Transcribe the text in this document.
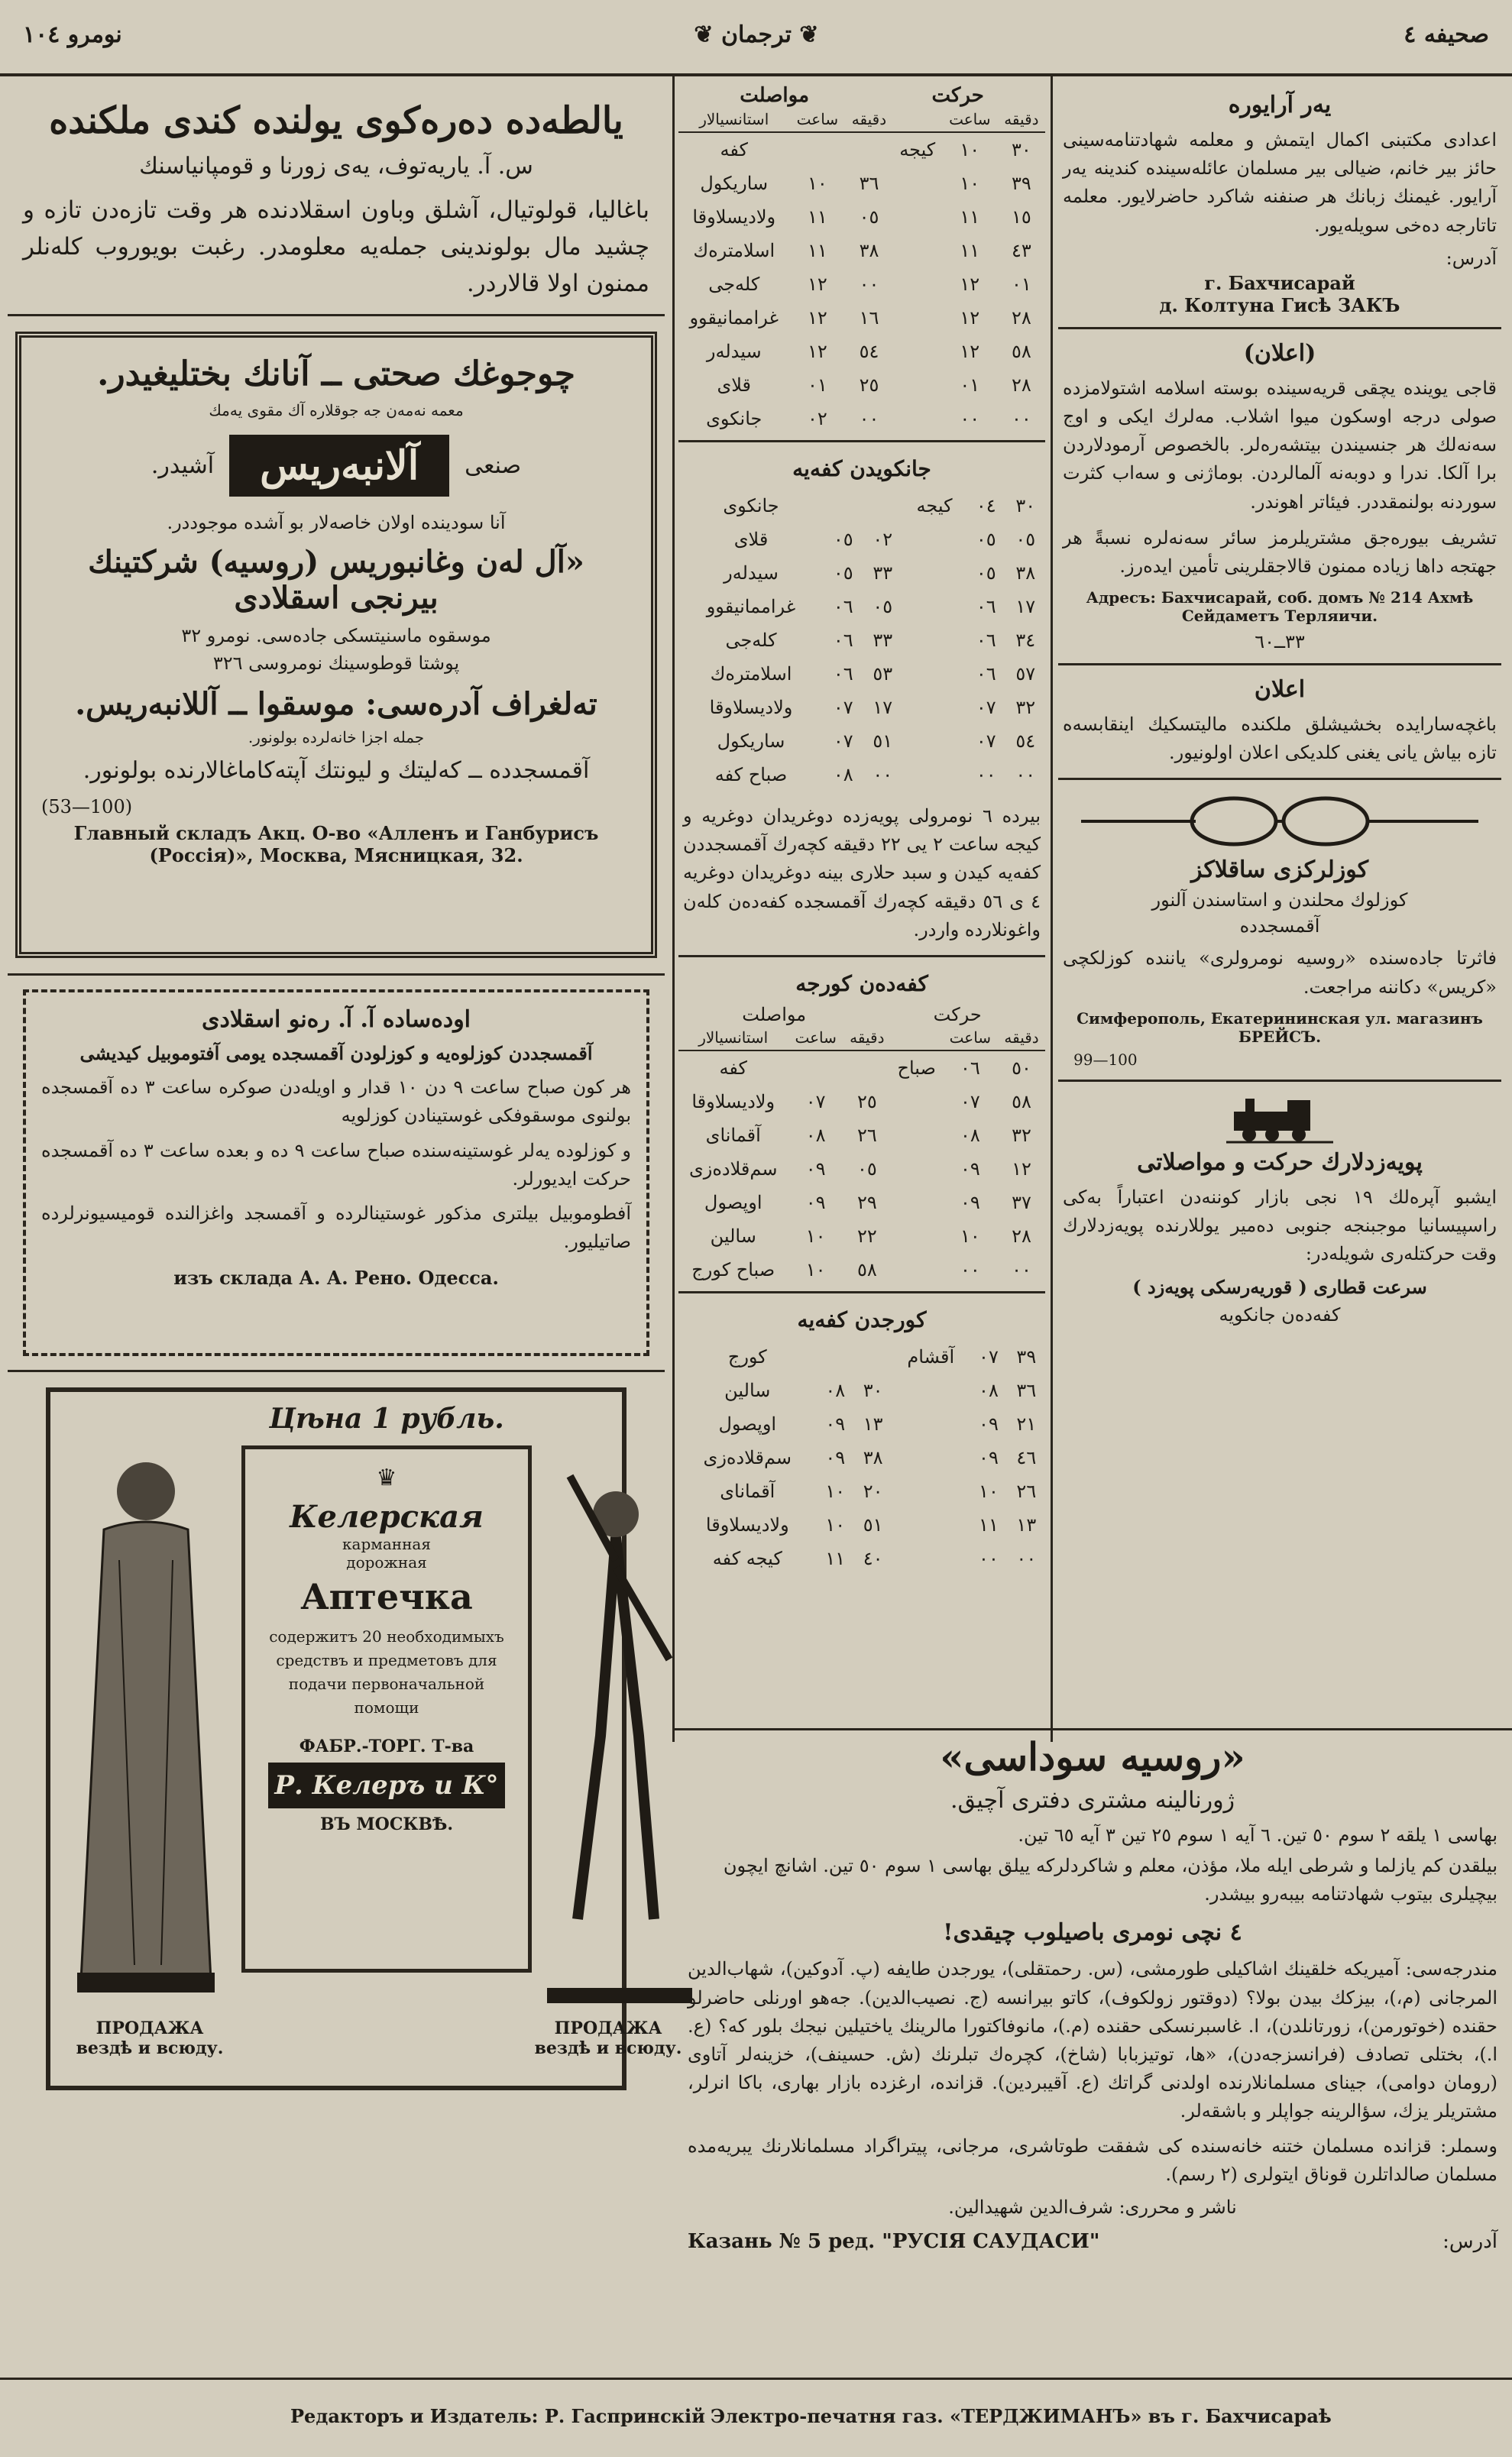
نومرو ١٠٤	❦ ترجمان ❦	صحيفه ٤
يەر آرايورە
اعدادى مكتبنى اكمال ايتمش و معلمه شهادتنامەسينى حائز بير خانم، ضيالى بير مسلمان عائلەسينده كندينه يەر آرايور. غيمنك زبانك هر صنفنە شاكرد حاضرلايور. معلمه تاتارجه دەخى سويلەيور.
آدرس:
г. Бахчисарай
д. Колтуна Гисѣ ЗАКЪ
(اعلان)
قاجى يوينده يچقى قريەسينده بوستە اسلامە اشتولامزده صولى درجه اوسكون ميوا اشلاب. مەلرك ايكى و اوج سەنەلك هر جنسيندن بيتشەرەلر. بالخصوص آرمودلاردن برا آلكا. ندرا و دوبەنە آلمالردن. بوماژنى و سەاب كثرت سوردنه بولنمقددر. فيئاتر اهوندر.
تشريف بيورەجق مشتريلرمز سائر سەنەلره نسبةً هر جهتجه داها زياده ممنون قالاجقلرينى تأمين ايدەرز.
Адресъ: Бахчисарай, соб. домъ № 214 Ахмѣ Сейдаметъ Терляичи.
٣٣ــ٦٠
اعلان
باغچەسارايده بخشيشلق ملكنده ماليتسكيك اينقابسەه تازه بياش يانى يغنى كلديكى اعلان اولونيور.
كوزلركزى ساقلاكز
كوزلوك محلندن و استاسندن آلنور
آقمسجدده
فاثرتا جادەسنده «روسيه نومرولرى» يانندە كوزلكچى «كريس» دكاننه مراجعت.
Симферополь, Екатерининская ул. магазинъ БРЕЙСЪ.
99—100
پويەزدلارك حركت و مواصلاتى
ايشبو آپرەلك ١٩ نجى بازار كوننەدن اعتباراً بەكى راسپيسانيا موجبنجه جنوبى دەمير يوللارنده پويەزدلارك وقت حركتلەرى شويلەدر:
سرعت قطارى ( قوريەرسكى پويەزد )
كفەدەن جانكويه
حركت
مواصلت
دقيقه	ساعت		دقيقه	ساعت	استانسيالار
٣٠	١٠	كيجه			كفه
٣٩	١٠		٣٦	١٠	ساريكول
١٥	١١		٠٥	١١	ولاديسلاوقا
٤٣	١١		٣٨	١١	اسلامترەك
٠١	١٢		٠٠	١٢	كلەجى
٢٨	١٢		١٦	١٢	غراممانيقوو
٥٨	١٢		٥٤	١٢	سيدلەر
٢٨	٠١		٢٥	٠١	قلاى
٠٠	٠٠		٠٠	٠٢	جانكوى
جانكويدن كفەيە
٣٠	٠٤	كيجه			جانكوى
٠٥	٠٥		٠٢	٠٥	قلاى
٣٨	٠٥		٣٣	٠٥	سيدلەر
١٧	٠٦		٠٥	٠٦	غراممانيقوو
٣٤	٠٦		٣٣	٠٦	كلەجى
٥٧	٠٦		٥٣	٠٦	اسلامترەك
٣٢	٠٧		١٧	٠٧	ولاديسلاوقا
٥٤	٠٧		٥١	٠٧	ساريكول
٠٠	٠٠		٠٠	٠٨	صباح كفه
بيرده ٦ نومرولى پويەزده دوغريدان دوغريه و كيجه ساعت ٢ يى ٢٢ دقيقه كچەرك آقمسجددن كفەيه كيدن و سبد حلارى بينه دوغريدان دوغريه ٤ ى ٥٦ دقيقه كچەرك آقمسجده كفەدەن كلەن واغونلارده واردر.
كفەدەن كورجه
حركت
مواصلت
دقيقه	ساعت		دقيقه	ساعت	استانسيالار
٥٠	٠٦	صباح			كفه
٥٨	٠٧		٢٥	٠٧	ولاديسلاوقا
٣٢	٠٨		٢٦	٠٨	آقماناى
١٢	٠٩		٠٥	٠٩	سم‌قلادەزى
٣٧	٠٩		٢٩	٠٩	اوپصول
٢٨	١٠		٢٢	١٠	سالين
٠٠	٠٠		٥٨	١٠	صباح كورج
كورجدن كفەيه
٣٩	٠٧	آقشام			كورج
٣٦	٠٨		٣٠	٠٨	سالين
٢١	٠٩		١٣	٠٩	اوپصول
٤٦	٠٩		٣٨	٠٩	سم‌قلادەزى
٢٦	١٠		٢٠	١٠	آقماناى
١٣	١١		٥١	١٠	ولاديسلاوقا
٠٠	٠٠		٤٠	١١	كيجه كفه
يالطەده دەرەكوى يولنده كندى ملكنده
س. آ. ياريەتوف، يەى زورنا و قومپانياسنك
باغاليا، قولوتيال، آشلق وباون اسقلادنده هر وقت تازەدن تازه و چشيد مال بولوندينى جملەيه معلومدر. رغبت بويوروب كلەنلر ممنون اولا قالاردر.
چوجوغك صحتى ــ آنانك بختليغيدر.
معمه نەمەن جه جوقلارە آك مقوى يەمك
صنعى
آلانبەريس
آشيدر.
آنا سوديندە اولان خاصەلار بو آشده موجوددر.
«آل لەن وغانبوريس (روسيه) شركتينك بيرنجى اسقلادى
موسقوە ماسنيتسكى جادەسى. نومرو ٣٢
پوشتا قوطوسينك نومروسى ٣٢٦
تەلغراف آدرەسى: موسقوا ــ آللانبەريس.
جمله اجزا خانەلرده بولونور.
آقمسجدده ــ كەليتك و ليونتك آپتەكاماغالارنده بولونور.
(53—100)
Главный складъ Акц. О-во «Алленъ и Ганбурисъ (Россія)», Москва, Мясницкая, 32.
اودەساده آ. آ. رەنو اسقلادى
آقمسجددن كوزلوەيه و كوزلودن آقمسجده يومى آفتوموبيل كيديشى
هر كون صباح ساعت ٩ دن ١٠ قدار و اويلەدن صوكره ساعت ٣ ده آقمسجده بولنوى موسقوفكى غوستينادن كوزلويه
و كوزلودە يەلر غوستينەسندە صباح ساعت ٩ ده و بعده ساعت ٣ ده آقمسجده حركت ايديورلر.
آفطوموبيل بيلترى مذكور غوستينالرده و آقمسجد واغزالنده قوميسيونرلرده صاتيليور.
изъ склада А. А. Рено. Одесса.
Цѣна 1 рубль.
♛
Келерская
карманная
дорожная
Аптечка
содержитъ 20 необходимыхъ средствъ и предметовъ для подачи первоначальной помощи
ФАБР.-ТОРГ. Т-ва
Р. Келеръ и К°
ВЪ МОСКВѢ.
ПРОДАЖА вездѣ и всюду.
ПРОДАЖА вездѣ и всюду.
«روسيه سوداسى»
ژورنالينه مشترى دفترى آچيق.
بهاسى ١ يلقه ٢ سوم ٥٠ تين. ٦ آيه ١ سوم ٢٥ تين ٣ آيه ٦٥ تين.
بيلقدن كم يازلما و شرطى ايله ملا، مؤذن، معلم و شاكردلركه ييلق بهاسى ١ سوم ٥٠ تين. اشانچ ايچون بيچيلرى بيتوب شهادتنامه بيبەرو بيشدر.
٤ نچى نومرى باصيلوب چيقدى!
مندرجەسى: آميريكه خلقينك اشاكيلى طورمشى، (س. رحمتقلى)، يورجدن طايفه (پ. آدوكين)، شهاب‌الدين المرجانى (م،)، بيزكك بيدن بولا؟ (دوقتور زولكوف)، كاتو بيرانسه (ج. نصيب‌الدين). جەهو اورنلى حاضرلو حقنده (خوتورمن)، زورتانلدن)، ا. غاسبرنسكى حقنده (م.)، مانوفاكتورا مالرينك ياختيلين نيجك بلور كه؟ (ع. ا.)، بختلى تصادف (فرانسزجەدن)، «ها، توتيزبابا (شاخ)، كچرەك تبلرنك (ش. حسينف)، خزينەلر آتاوى (رومان دوامى)، جيناى مسلمانلارنده اولدنى گراتك (ع. آقيبردين). قزاندە، ارغزده بازار بهارى، باكا انرلر، مشتريلر يزك، سؤالرينه جواپلر و باشقەلر.
وسملر: قزانده مسلمان ختنه خانەسندە كى شفقت طوتاشرى، مرجانى، پيتراگراد مسلمانلارنك يبريەمده مسلمان صالداتلرن قوناق ايتولرى (٢ رسم).
ناشر و محررى: شرف‌الدين شهيدالين.
آدرس:
Казань № 5 ред. "РУСІЯ САУДАСИ"
Редакторъ и Издатель: Р. Гаспринскій Электро-печатня газ. «ТЕРДЖИМАНЪ» въ г. Бахчисараѣ
